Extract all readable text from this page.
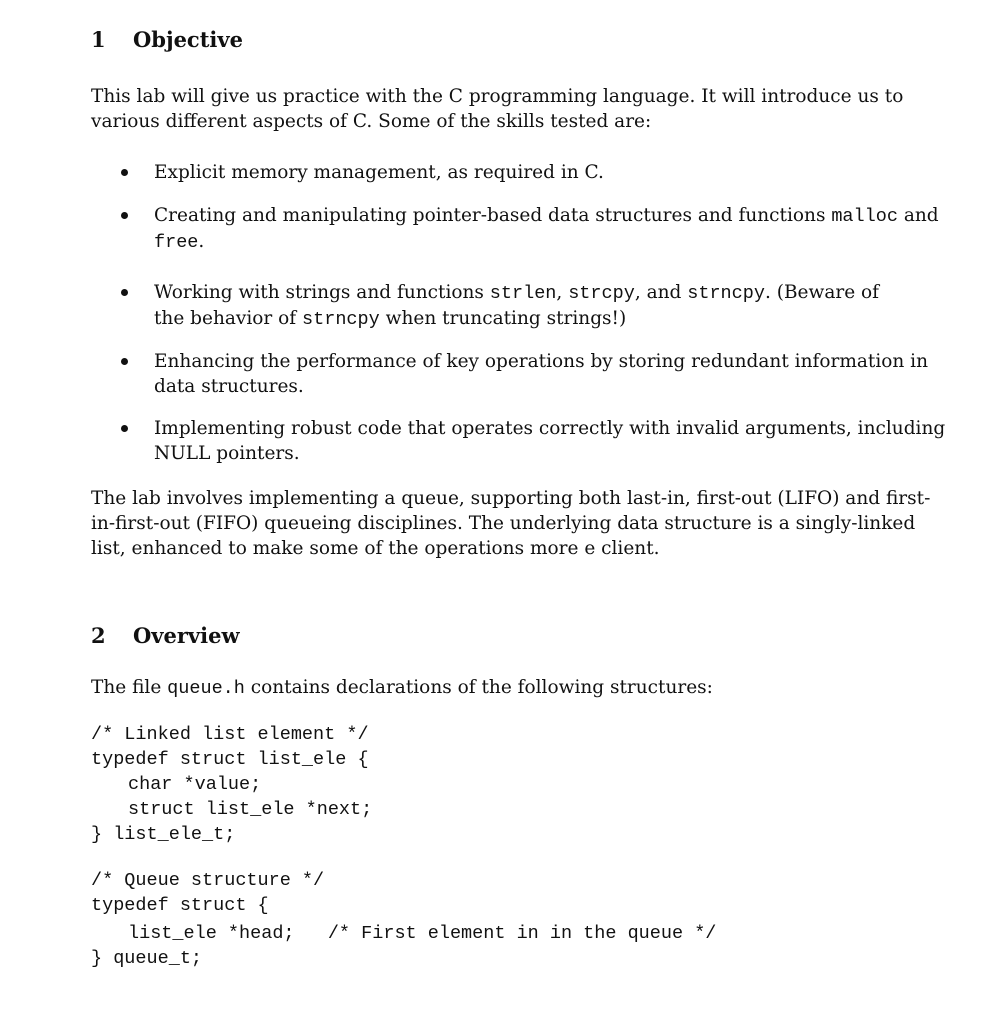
1 Objective
This lab will give us practice with the C programming language. It will introduce us to
various different aspects of C. Some of the skills tested are:
Explicit memory management, as required in C.
Creating and manipulating pointer-based data structures and functions malloc and
free.
Working with strings and functions strlen, strcpy, and strncpy. (Beware of
the behavior of strncpy when truncating strings!)
Enhancing the performance of key operations by storing redundant information in
data structures.
Implementing robust code that operates correctly with invalid arguments, including
NULL pointers.
The lab involves implementing a queue, supporting both last-in, first-out (LIFO) and first-
in-first-out (FIFO) queueing disciplines. The underlying data structure is a singly-linked
list, enhanced to make some of the operations more e client.
2 Overview
The file queue.h contains declarations of the following structures:
/* Linked list element */
typedef struct list_ele {
char *value;
struct list_ele *next;
} list_ele_t;
/* Queue structure */
typedef struct {
list_ele *head;   /* First element in in the queue */
} queue_t;
